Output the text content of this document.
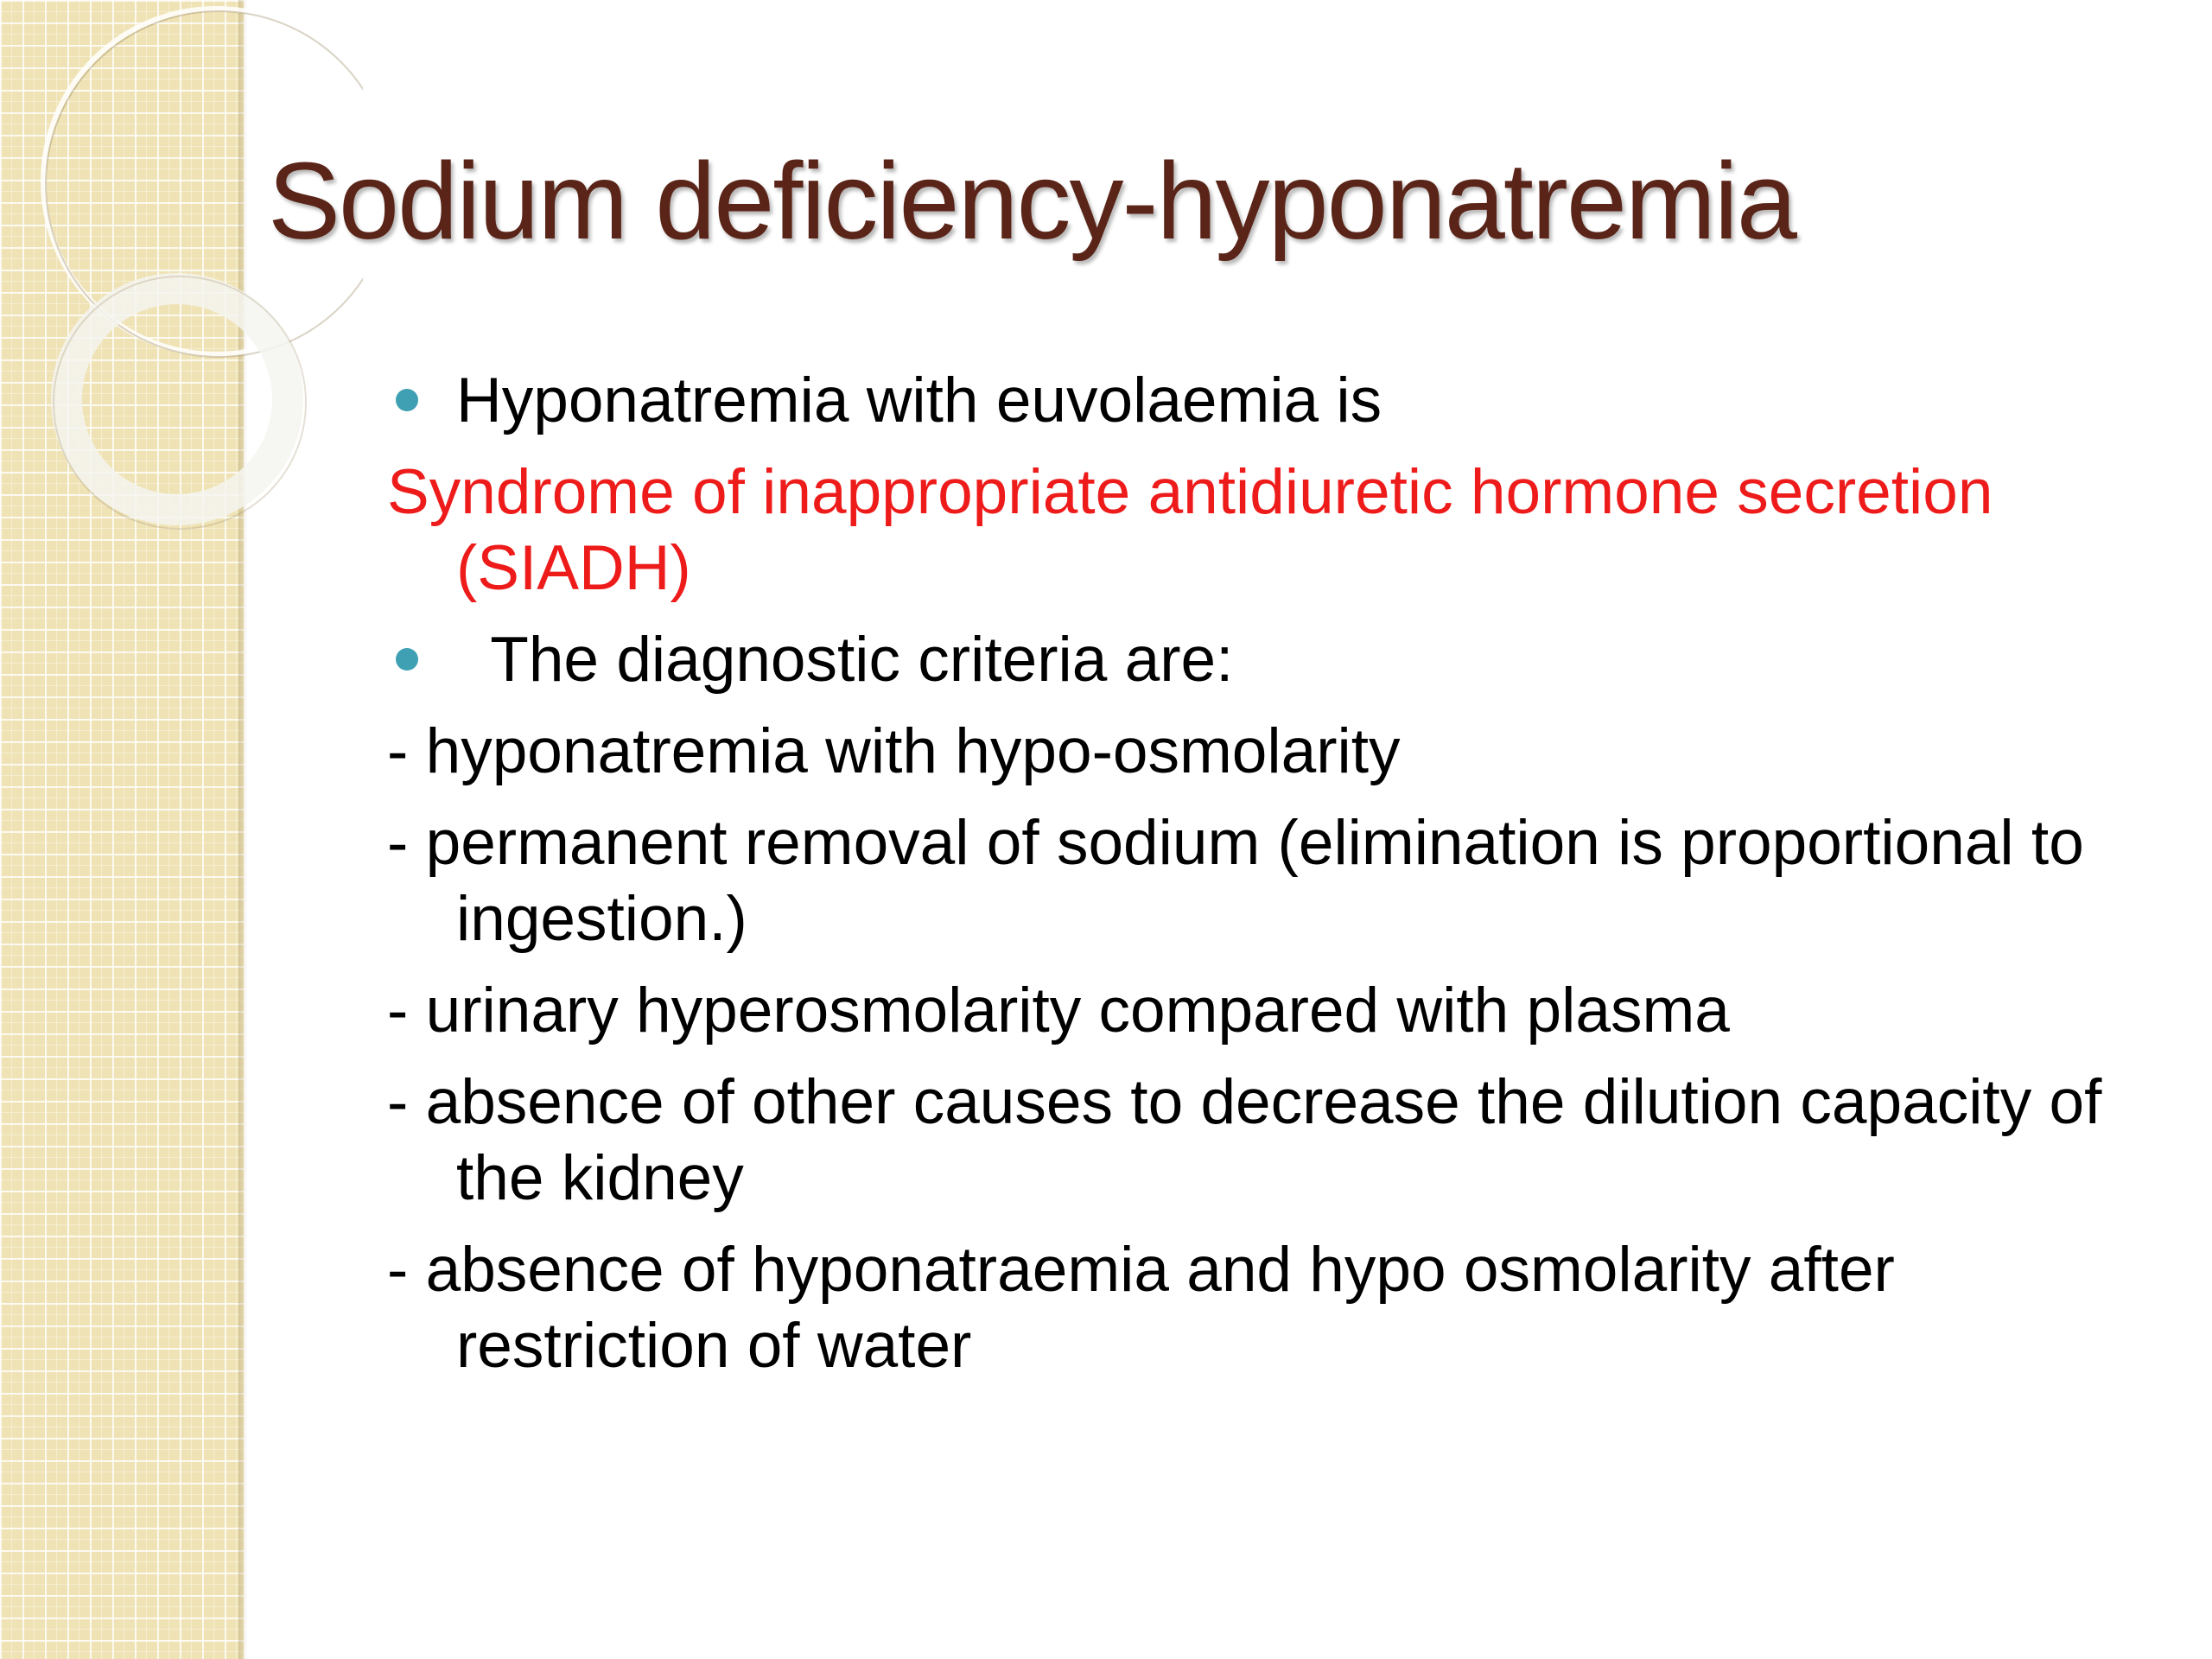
Sodium deficiency-hyponatremia
Hyponatremia with euvolaemia is

Syndrome of inappropriate antidiuretic hormone secretion (SIADH)

The diagnostic criteria are:

- hyponatremia with hypo-osmolarity

- permanent removal of sodium (elimination is proportional to ingestion.)

- urinary hyperosmolarity compared with plasma

- absence of other causes to decrease the dilution capacity of the kidney

- absence of hyponatraemia and hypo osmolarity after restriction of water
